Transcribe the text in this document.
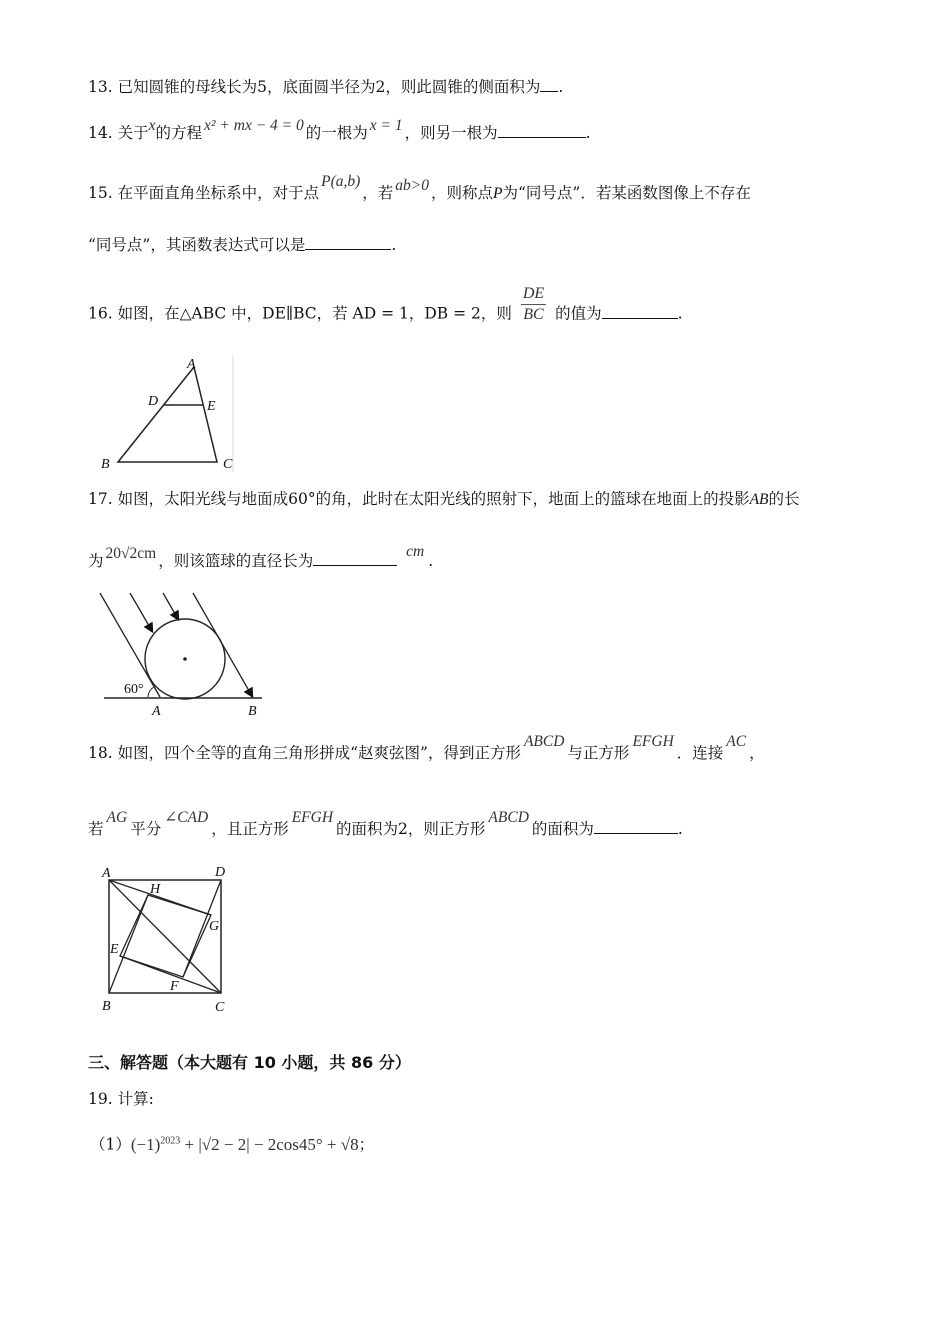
13. 已知圆锥的母线长为5，底面圆半径为2，则此圆锥的侧面积为 .
14. 关于x的方程 x² + mx − 4 = 0 的一根为 x = 1 ，则另一根为	.
15. 在平面直角坐标系中，对于点P(a,b)，若 ab>0 ，则称点P为“同号点”．若某函数图像上不存在
“同号点”，其函数表达式可以是	.
16. 如图，在△ABC 中，DE∥BC，若 AD = 1，DB = 2，则 $\frac{DE}{BC}$ 的值为	.
A
D	E
B	C
17. 如图，太阳光线与地面成60°的角，此时在太阳光线的照射下，地面上的篮球在地面上的投影AB的长
为 20√2cm ，则该篮球的直径长为 cm.
60°
A	B
18. 如图，四个全等的直角三角形拼成“赵爽弦图”，得到正方形ABCD与正方形EFGH．连接AC，
若AG平分∠CAD，且正方形EFGH的面积为2，则正方形ABCD的面积为	.
A	D
H
G
E
F
B	C
三、解答题（本大题有 10 小题，共 86 分）
19. 计算:
$(1)(-1)^{2023} + |√2 - 2| - 2\cos 45^\circ + √8$；
